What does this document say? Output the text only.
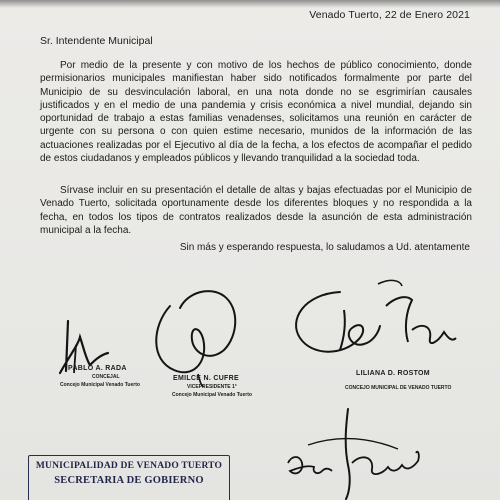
Venado Tuerto, 22 de Enero 2021
Sr. Intendente Municipal

Por medio de la presente y con motivo de los hechos de público conocimiento, donde permisionarios municipales manifiestan haber sido notificados formalmente por parte del Municipio de su desvinculación laboral, en una nota donde no se esgrimirían causales justificados y en el medio de una pandemia y crisis económica a nivel mundial, dejando sin oportunidad de trabajo a estas familias venadenses, solicitamos una reunión en carácter de urgente con su persona o con quien estime necesario, munidos de la información de las actuaciones realizadas por el Ejecutivo al día de la fecha, a los efectos de acompañar el pedido de estos ciudadanos y empleados públicos y llevando tranquilidad a la sociedad toda.

Sírvase incluir en su presentación el detalle de altas y bajas efectuadas por el Municipio de Venado Tuerto, solicitada oportunamente desde los diferentes bloques y no respondida a la fecha, en todos los tipos de contratos realizados desde la asunción de esta administración municipal a la fecha.

Sin más y esperando respuesta, lo saludamos a Ud. atentamente
PABLO A. RADA
CONCEJAL
Concejo Municipal Venado Tuerto
EMILCE N. CUFRE
VICEPRESIDENTE 1°
Concejo Municipal Venado Tuerto
LILIANA D. ROSTOM
CONCEJO MUNICIPAL DE VENADO TUERTO
MUNICIPALIDAD DE VENADO TUERTO
SECRETARIA DE GOBIERNO
